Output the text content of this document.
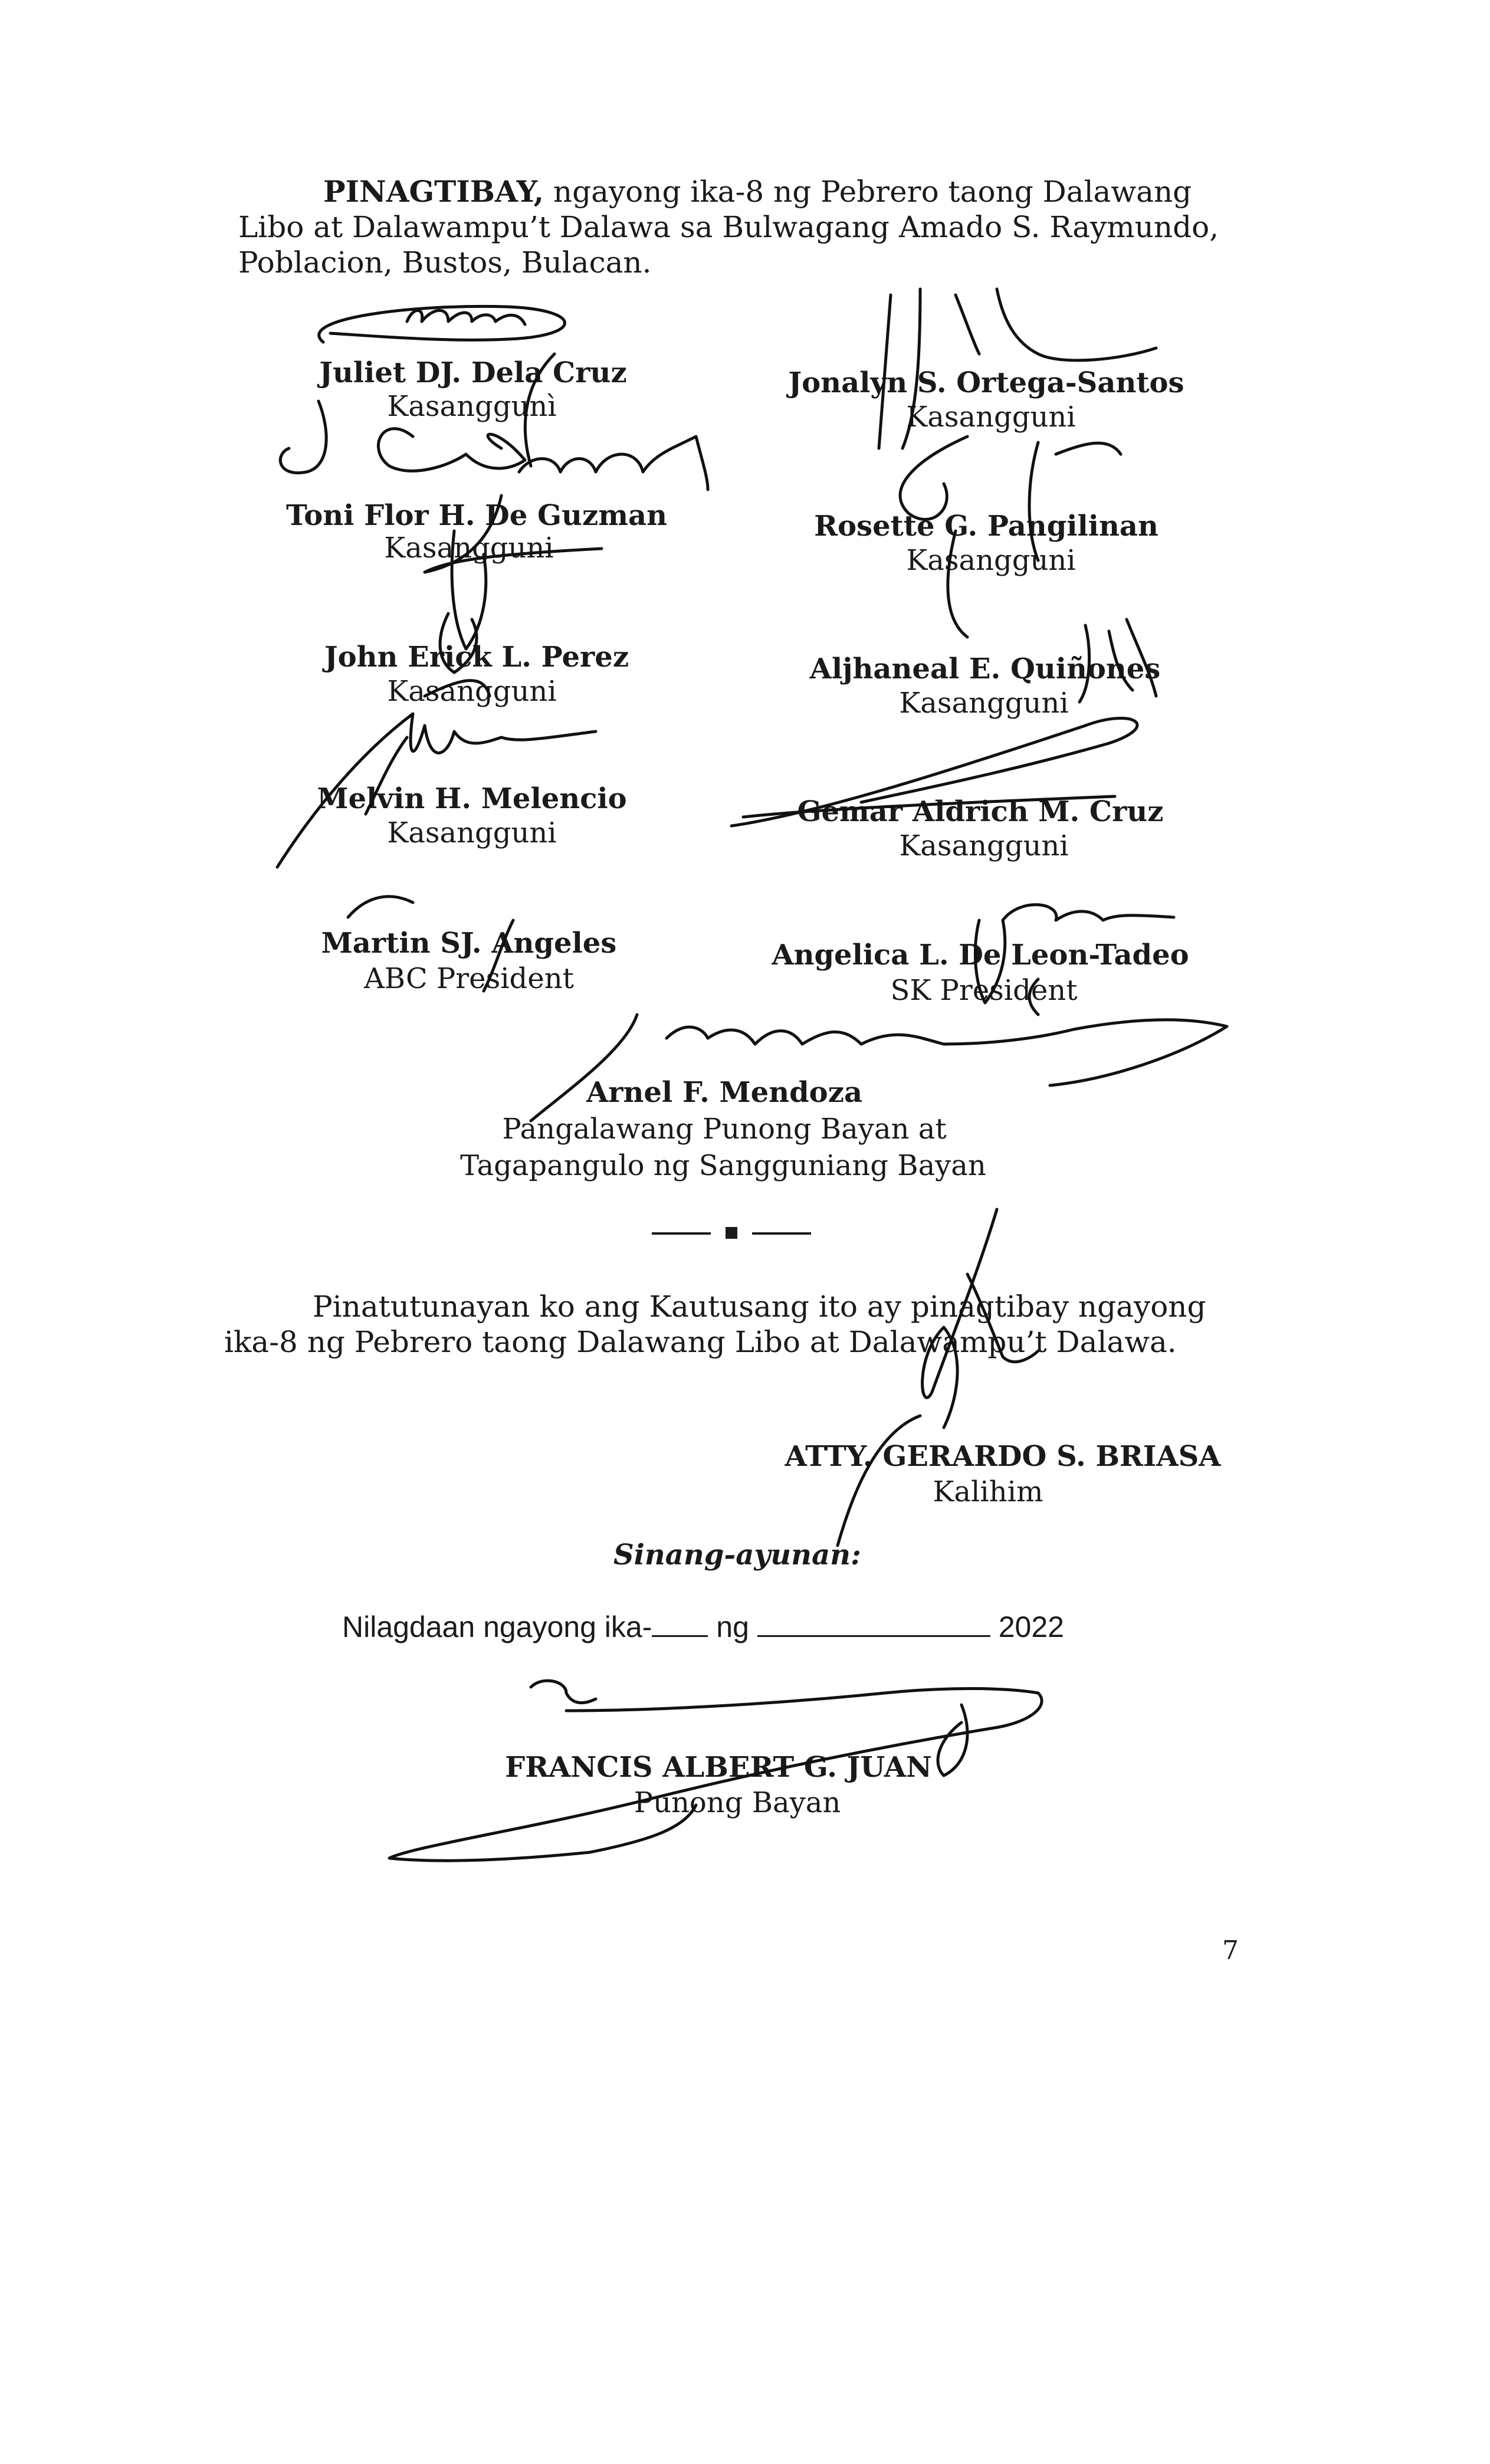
PINAGTIBAY, ngayong ika-8 ng Pebrero taong Dalawang
Libo at Dalawampu’t Dalawa sa Bulwagang Amado S. Raymundo,
Poblacion, Bustos, Bulacan.
Juliet DJ. Dela Cruz
Kasanggunì
Toni Flor H. De Guzman
Kasangguni
John Erick L. Perez
Kasangguni
Melvin H. Melencio
Kasangguni
Martin SJ. Angeles
ABC President
Jonalyn S. Ortega-Santos
Kasangguni
Rosette G. Pangilinan
Kasangguni
Aljhaneal E. Quiñones
Kasangguni
Gemar Aldrich M. Cruz
Kasangguni
Angelica L. De Leon-Tadeo
SK President
Arnel F. Mendoza
Pangalawang Punong Bayan at
Tagapangulo ng Sangguniang Bayan
Pinatutunayan ko ang Kautusang ito ay pinagtibay ngayong
ika-8 ng Pebrero taong Dalawang Libo at Dalawampu’t Dalawa.
ATTY. GERARDO S. BRIASA
Kalihim
Sinang-ayunan:
Nilagdaan ngayong ika- ng	2022
FRANCIS ALBERT G. JUAN
Punong Bayan
7
